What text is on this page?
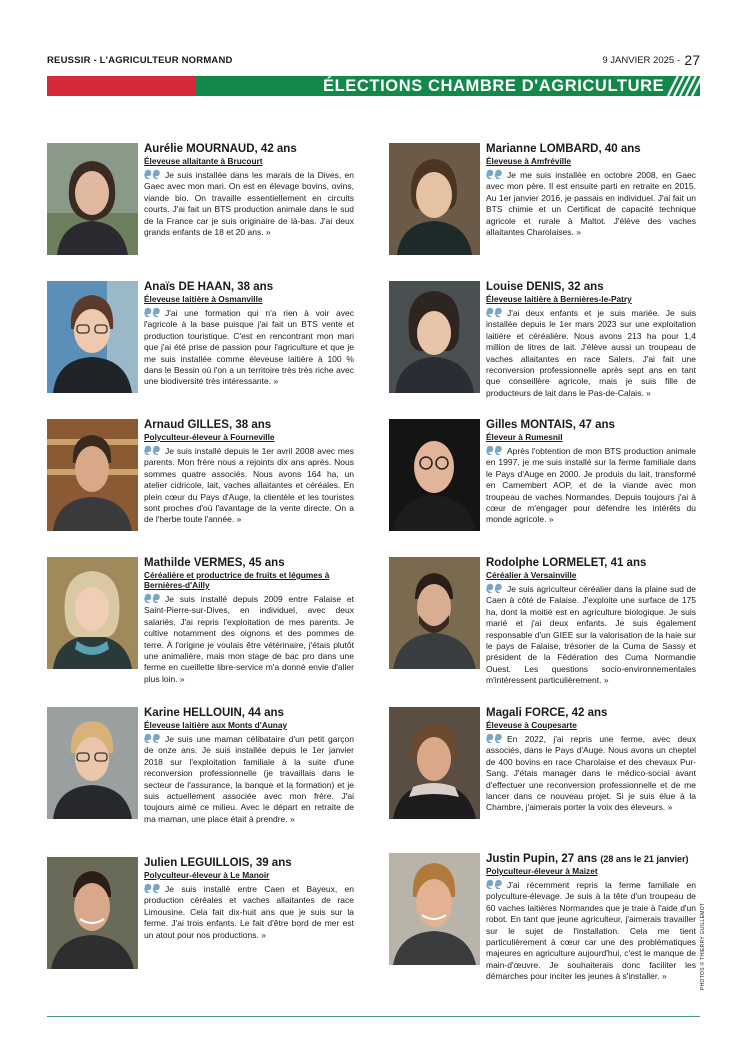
REUSSIR - L'AGRICULTEUR NORMAND	9 JANVIER 2025 - 27
ÉLECTIONS CHAMBRE D'AGRICULTURE
Aurélie MOURNAUD, 42 ans
Éleveuse allaitante à Brucourt
Je suis installée dans les marais de la Dives, en Gaec avec mon mari. On est en élevage bovins, ovins, viande bio. On travaille essentiellement en circuits courts. J'ai fait un BTS production animale dans le sud de la France car je suis originaire de là-bas. J'ai deux grands enfants de 18 et 20 ans. »
Marianne LOMBARD, 40 ans
Éleveuse à Amfréville
Je me suis installée en octobre 2008, en Gaec avec mon père. Il est ensuite parti en retraite en 2015. Au 1er janvier 2016, je passais en individuel. J'ai fait un BTS chimie et un Certificat de capacité technique agricole et rurale à Maltot. J'élève des vaches allaitantes Charolaises. »
Anaïs DE HAAN, 38 ans
Éleveuse laitière à Osmanville
J'ai une formation qui n'a rien à voir avec l'agricole à la base puisque j'ai fait un BTS vente et production touristique. C'est en rencontrant mon mari que j'ai été prise de passion pour l'agriculture et que je me suis installée comme éleveuse laitière à 100 % dans le Bessin où l'on a un territoire très très riche avec une biodiversité très intéressante. »
Louise DENIS, 32 ans
Éleveuse laitière à Bernières-le-Patry
J'ai deux enfants et je suis mariée. Je suis installée depuis le 1er mars 2023 sur une exploitation laitière et céréalière. Nous avons 213 ha pour 1,4 million de litres de lait. J'élève aussi un troupeau de vaches allaitantes en race Salers. J'ai fait une reconversion professionnelle après sept ans en tant que conseillère agricole, mais je suis fille de producteurs de lait dans le Pas-de-Calais. »
Arnaud GILLES, 38 ans
Polyculteur-éleveur à Fourneville
Je suis installé depuis le 1er avril 2008 avec mes parents. Mon frère nous a rejoints dix ans après. Nous sommes quatre associés. Nous avons 164 ha, un atelier cidricole, lait, vaches allaitantes et céréales. En plein cœur du Pays d'Auge, la clientèle et les touristes sont proches d'où l'avantage de la vente directe. On a de l'herbe toute l'année. »
Gilles MONTAIS, 47 ans
Éleveur à Rumesnil
Après l'obtention de mon BTS production animale en 1997, je me suis installé sur la ferme familiale dans le Pays d'Auge en 2000. Je produis du lait, transformé en Camembert AOP, et de la viande avec mon troupeau de vaches Normandes. Depuis toujours j'ai à cœur de m'engager pour défendre les intérêts du monde agricole. »
Mathilde VERMES, 45 ans
Céréalière et productrice de fruits et légumes à Bernières-d'Ailly
Je suis installé depuis 2009 entre Falaise et Saint-Pierre-sur-Dives, en individuel, avec deux salariés. J'ai repris l'exploitation de mes parents. Je cultive notamment des oignons et des pommes de terre. À l'origine je voulais être vétérinaire, j'étais plutôt une animalière, mais mon stage de bac pro dans une ferme en cueillette libre-service m'a donné envie d'aller plus loin. »
Rodolphe LORMELET, 41 ans
Céréalier à Versainville
Je suis agriculteur céréalier dans la plaine sud de Caen à côté de Falaise. J'exploite une surface de 175 ha, dont la moitié est en agriculture biologique. Je suis marié et j'ai deux enfants. Je suis également responsable d'un GIEE sur la valorisation de la haie sur le pays de Falaise, trésorier de la Cuma de Sassy et président de la Fédération des Cuma Normandie Ouest. Les questions socio-environnementales m'intéressent particulièrement. »
Karine HELLOUIN, 44 ans
Éleveuse laitière aux Monts d'Aunay
Je suis une maman célibataire d'un petit garçon de onze ans. Je suis installée depuis le 1er janvier 2018 sur l'exploitation familiale à la suite d'une reconversion professionnelle (je travaillais dans le secteur de l'assurance, la banque et la formation) et je suis actuellement associée avec mon frère. J'ai toujours aimé ce milieu. Avec le départ en retraite de ma maman, une place était à prendre. »
Magali FORCE, 42 ans
Éleveuse à Coupesarte
En 2022, j'ai repris une ferme, avec deux associés, dans le Pays d'Auge. Nous avons un cheptel de 400 bovins en race Charolaise et des chevaux Pur-Sang. J'étais manager dans le médico-social avant d'effectuer une reconversion professionnelle et de me lancer dans ce nouveau projet. Si je suis élue à la Chambre, j'aimerais porter la voix des éleveurs. »
Julien LEGUILLOIS, 39 ans
Polyculteur-éleveur à Le Manoir
Je suis installé entre Caen et Bayeux, en production céréales et vaches allaitantes de race Limousine. Cela fait dix-huit ans que je suis sur la ferme. J'ai trois enfants. Le fait d'être bord de mer est un atout pour nos productions. »
Justin Pupin, 27 ans (28 ans le 21 janvier)
Polyculteur-éleveur à Maizet
J'ai récemment repris la ferme familiale en polyculture-élevage. Je suis à la tête d'un troupeau de 60 vaches laitières Normandes que je traie à l'aide d'un robot. En tant que jeune agriculteur, j'aimerais travailler sur le sujet de l'installation. Cela me tient particulièrement à cœur car une des problématiques majeures en agriculture aujourd'hui, c'est le manque de main-d'œuvre. Je souhaiterais donc faciliter les démarches pour inciter les jeunes à s'installer. »	PHOTOS © THIERRY GUILLEMOT
